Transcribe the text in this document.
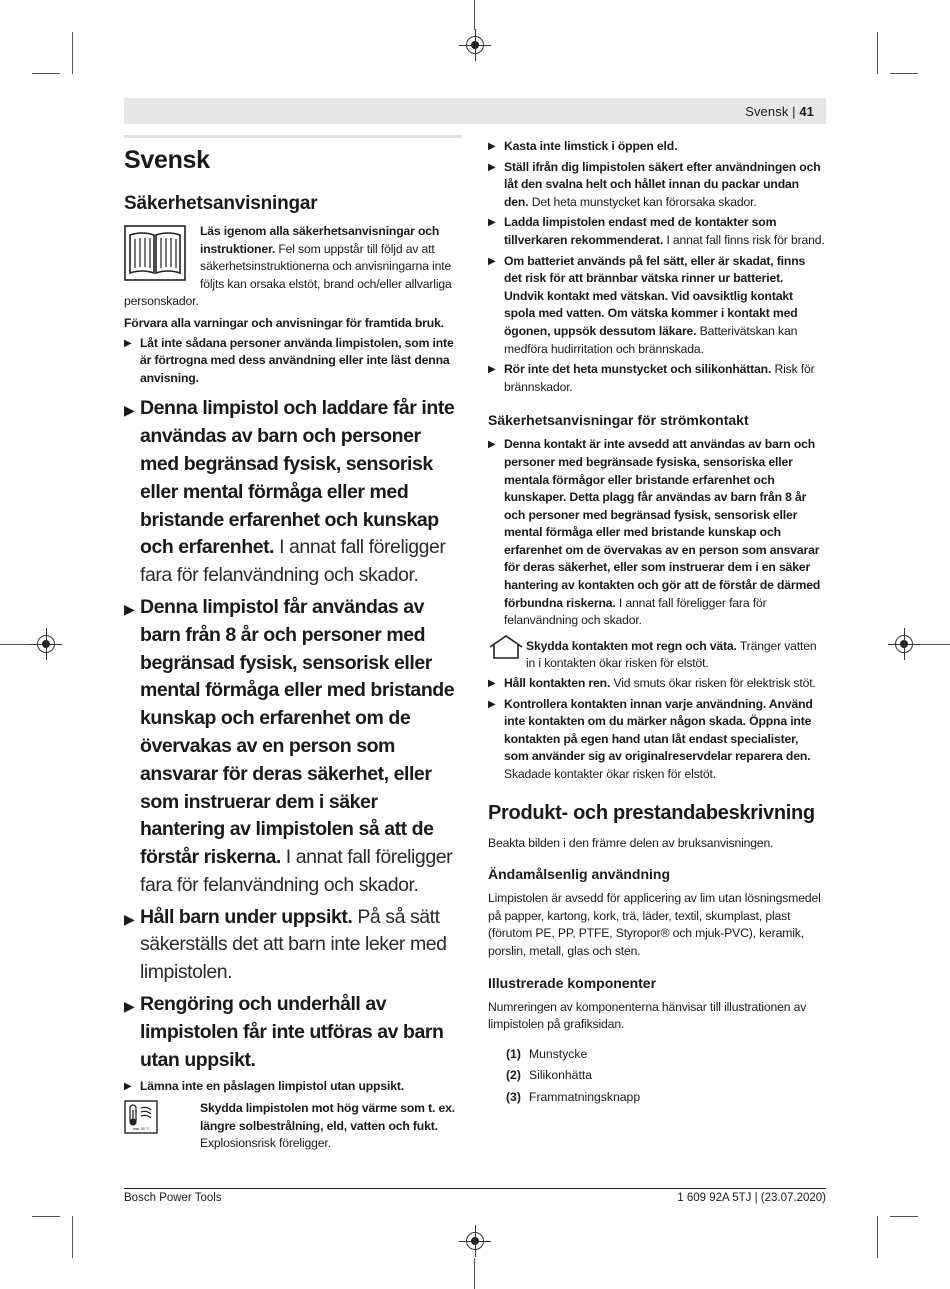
Svensk | 41
Svensk
Säkerhetsanvisningar
Läs igenom alla säkerhetsanvisningar och instruktioner. Fel som uppstår till följd av att säkerhetsinstruktionerna och anvisningarna inte följts kan orsaka elstöt, brand och/eller allvarliga personskador.
Förvara alla varningar och anvisningar för framtida bruk.
▶ Låt inte sådana personer använda limpistolen, som inte är förtrogna med dess användning eller inte läst denna anvisning.
▶ Denna limpistol och laddare får inte användas av barn och personer med begränsad fysisk, sensorisk eller mental förmåga eller med bristande erfarenhet och kunskap och erfarenhet. I annat fall föreligger fara för felanvändning och skador.
▶ Denna limpistol får användas av barn från 8 år och personer med begränsad fysisk, sensorisk eller mental förmåga eller med bristande kunskap och erfarenhet om de övervakas av en person som ansvarar för deras säkerhet, eller som instruerar dem i säker hantering av limpistolen så att de förstår riskerna. I annat fall föreligger fara för felanvändning och skador.
▶ Håll barn under uppsikt. På så sätt säkerställs det att barn inte leker med limpistolen.
▶ Rengöring och underhåll av limpistolen får inte utföras av barn utan uppsikt.
▶ Lämna inte en påslagen limpistol utan uppsikt.
max. 50 °C
Skydda limpistolen mot hög värme som t. ex. längre solbestrålning, eld, vatten och fukt. Explosionsrisk föreligger.
▶ Kasta inte limstick i öppen eld.
▶ Ställ ifrån dig limpistolen säkert efter användningen och låt den svalna helt och hållet innan du packar undan den. Det heta munstycket kan förorsaka skador.
▶ Ladda limpistolen endast med de kontakter som tillverkaren rekommenderat. I annat fall finns risk för brand.
▶ Om batteriet används på fel sätt, eller är skadat, finns det risk för att brännbar vätska rinner ur batteriet. Undvik kontakt med vätskan. Vid oavsiktlig kontakt spola med vatten. Om vätska kommer i kontakt med ögonen, uppsök dessutom läkare. Batterivätskan kan medföra hudirritation och brännskada.
▶ Rör inte det heta munstycket och silikonhättan. Risk för brännskador.
Säkerhetsanvisningar för strömkontakt
▶ Denna kontakt är inte avsedd att användas av barn och personer med begränsade fysiska, sensoriska eller mentala förmågor eller bristande erfarenhet och kunskaper. Detta plagg får användas av barn från 8 år och personer med begränsad fysisk, sensorisk eller mental förmåga eller med bristande kunskap och erfarenhet om de övervakas av en person som ansvarar för deras säkerhet, eller som instruerar dem i en säker hantering av kontakten och gör att de förstår de därmed förbundna riskerna. I annat fall föreligger fara för felanvändning och skador.
Skydda kontakten mot regn och väta. Tränger vatten in i kontakten ökar risken för elstöt.
▶ Håll kontakten ren. Vid smuts ökar risken för elektrisk stöt.
▶ Kontrollera kontakten innan varje användning. Använd inte kontakten om du märker någon skada. Öppna inte kontakten på egen hand utan låt endast specialister, som använder sig av originalreservdelar reparera den. Skadade kontakter ökar risken för elstöt.
Produkt- och prestandabeskrivning
Beakta bilden i den främre delen av bruksanvisningen.
Ändamålsenlig användning
Limpistolen är avsedd för applicering av lim utan lösningsmedel på papper, kartong, kork, trä, läder, textil, skumplast, plast (förutom PE, PP, PTFE, Styropor® och mjuk-PVC), keramik, porslin, metall, glas och sten.
Illustrerade komponenter
Numreringen av komponenterna hänvisar till illustrationen av limpistolen på grafiksidan.
(1) Munstycke
(2) Silikonhätta
(3) Frammatningsknapp
Bosch Power Tools	1 609 92A 5TJ | (23.07.2020)
